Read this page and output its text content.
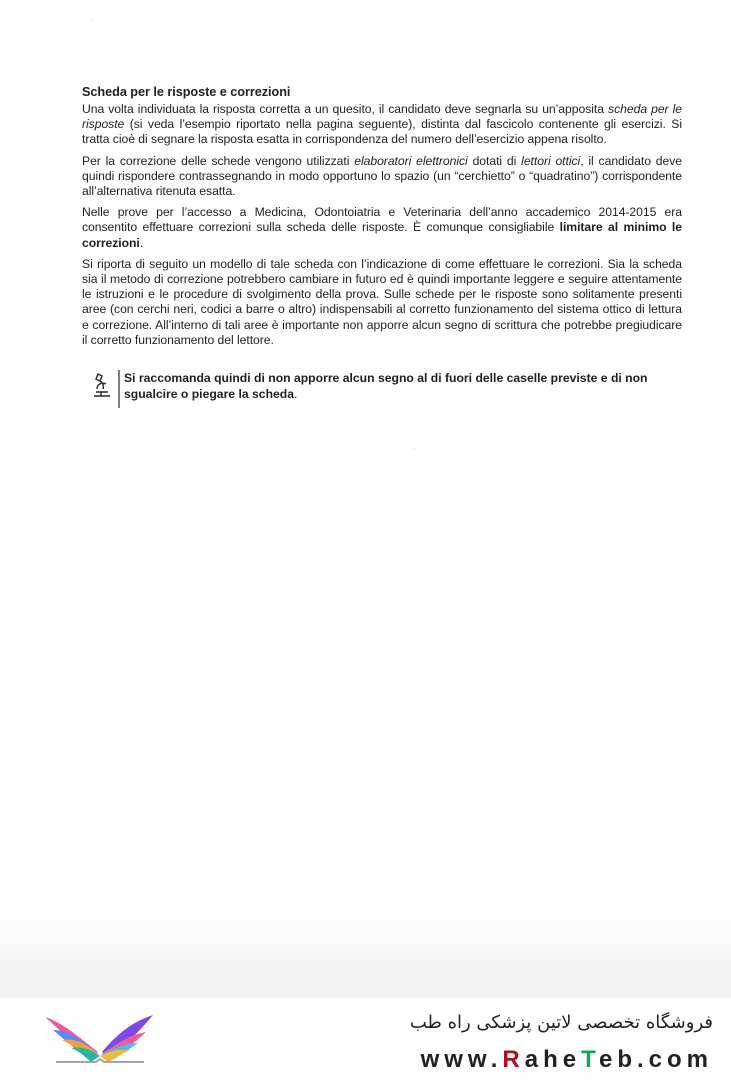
Scheda per le risposte e correzioni

Una volta individuata la risposta corretta a un quesito, il candidato deve segnarla su un’apposita scheda per le risposte (si veda l’esempio riportato nella pagina seguente), distinta dal fascicolo contenente gli esercizi. Si tratta cioè di segnare la risposta esatta in corrispondenza del numero dell’esercizio appena risolto.

Per la correzione delle schede vengono utilizzati elaboratori elettronici dotati di lettori ottici, il candidato deve quindi rispondere contrassegnando in modo opportuno lo spazio (un “cerchietto” o “quadratino”) corrispondente all’alternativa ritenuta esatta.

Nelle prove per l’accesso a Medicina, Odontoiatria e Veterinaria dell’anno accademico 2014-2015 era consentito effettuare correzioni sulla scheda delle risposte. È comunque consigliabile limitare al minimo le correzioni.

Si riporta di seguito un modello di tale scheda con l’indicazione di come effettuare le correzioni. Sia la scheda sia il metodo di correzione potrebbero cambiare in futuro ed è quindi importante leggere e seguire attentamente le istruzioni e le procedure di svolgimento della prova. Sulle schede per le risposte sono solitamente presenti aree (con cerchi neri, codici a barre o altro) indispensabili al corretto funzionamento del sistema ottico di lettura e correzione. All’interno di tali aree è importante non apporre alcun segno di scrittura che potrebbe pregiudicare il corretto funzionamento del lettore.

Si raccomanda quindi di non apporre alcun segno al di fuori delle caselle previste e di non sgualcire o piegare la scheda.
فروشگاه تخصصی لاتین پزشکی راه طب
www.RaheTeb.com
